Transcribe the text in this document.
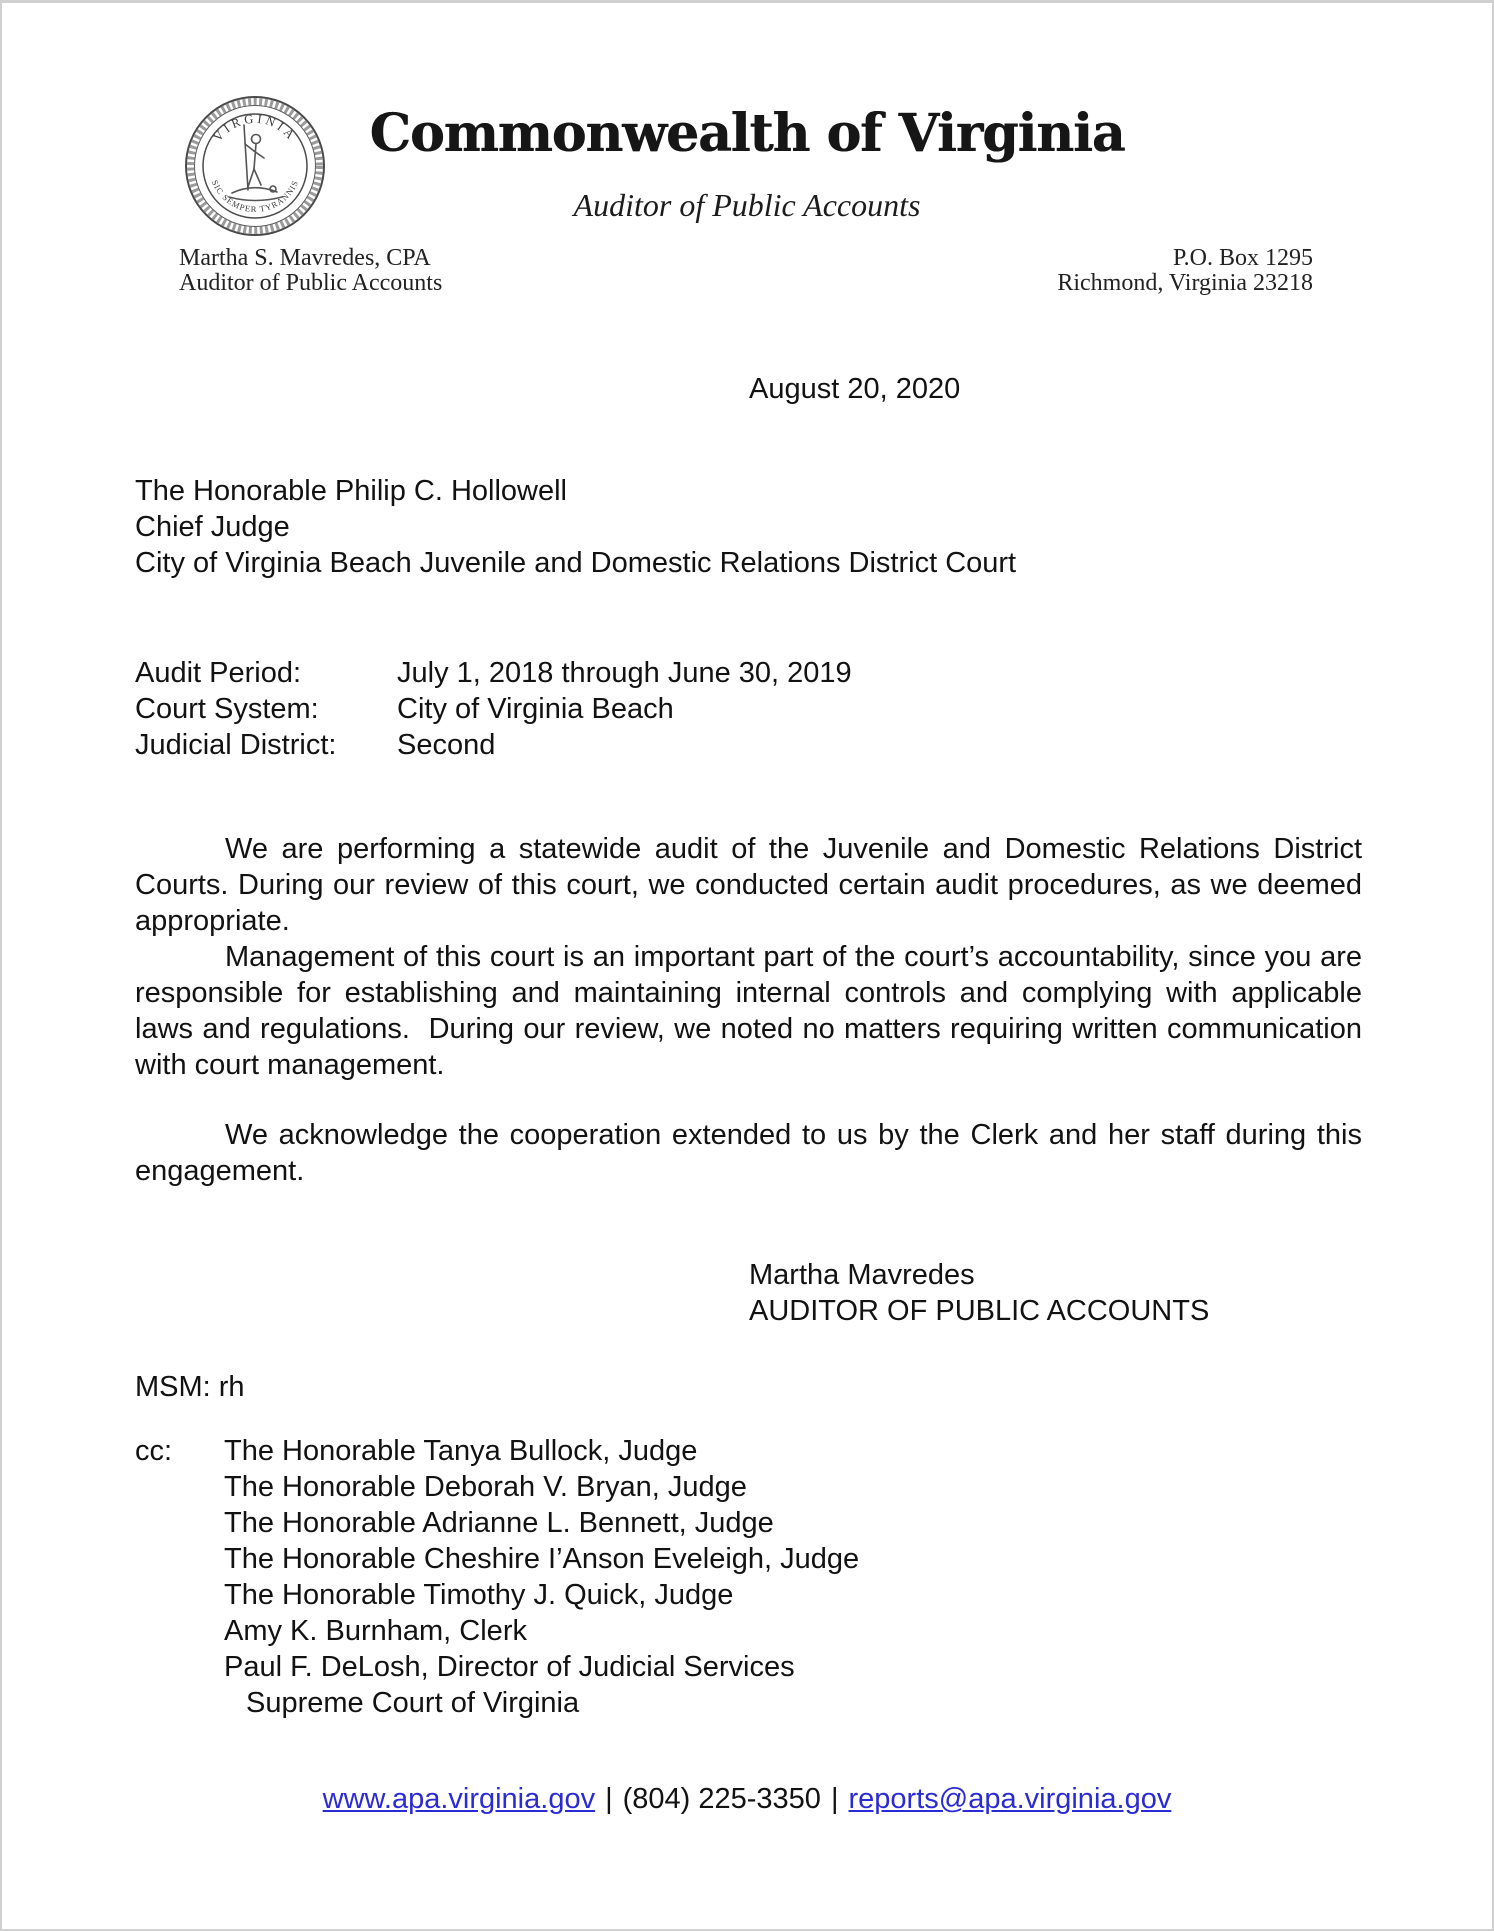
VIRGINIA
SIC SEMPER TYRANNIS
Commonwealth of Virginia
Auditor of Public Accounts
Martha S. Mavredes, CPA
Auditor of Public Accounts
P.O. Box 1295
Richmond, Virginia 23218
August 20, 2020
The Honorable Philip C. Hollowell
Chief Judge
City of Virginia Beach Juvenile and Domestic Relations District Court
Audit Period:	July 1, 2018 through June 30, 2019
Court System:	City of Virginia Beach
Judicial District:	Second

We are performing a statewide audit of the Juvenile and Domestic Relations District Courts. During our review of this court, we conducted certain audit procedures, as we deemed appropriate.

Management of this court is an important part of the court’s accountability, since you are responsible for establishing and maintaining internal controls and complying with applicable laws and regulations.  During our review, we noted no matters requiring written communication with court management.

We acknowledge the cooperation extended to us by the Clerk and her staff during this engagement.

Martha Mavredes
AUDITOR OF PUBLIC ACCOUNTS
MSM: rh
cc:	The Honorable Tanya Bullock, Judge
The Honorable Deborah V. Bryan, Judge
The Honorable Adrianne L. Bennett, Judge
The Honorable Cheshire I’Anson Eveleigh, Judge
The Honorable Timothy J. Quick, Judge
Amy K. Burnham, Clerk
Paul F. DeLosh, Director of Judicial Services
Supreme Court of Virginia
www.apa.virginia.gov | (804) 225-3350 | reports@apa.virginia.gov
